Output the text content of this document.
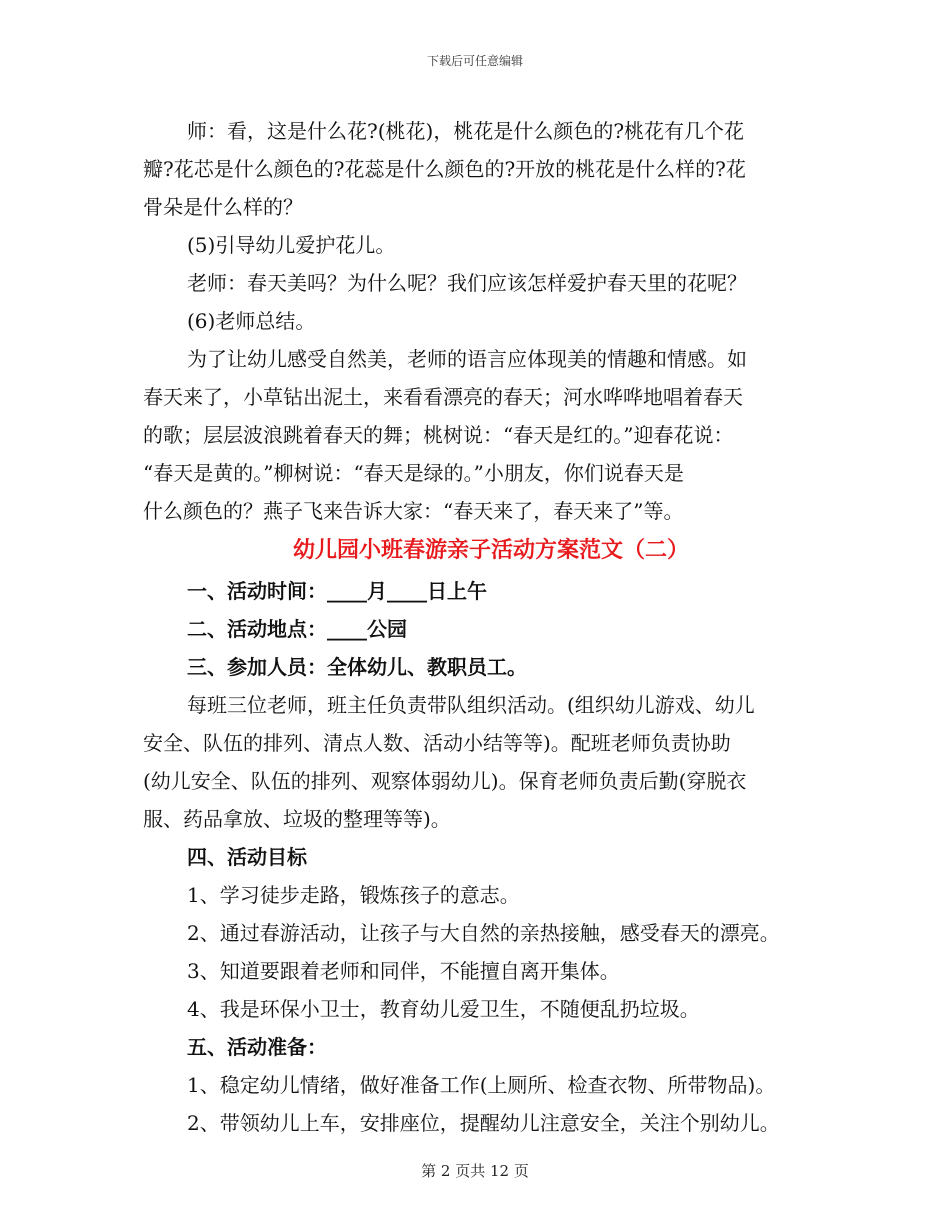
下载后可任意编辑

师：看，这是什么花?(桃花)，桃花是什么颜色的?桃花有几个花

瓣?花芯是什么颜色的?花蕊是什么颜色的?开放的桃花是什么样的?花

骨朵是什么样的？

(5)引导幼儿爱护花儿。

老师：春天美吗？为什么呢？我们应该怎样爱护春天里的花呢？

(6)老师总结。

为了让幼儿感受自然美，老师的语言应体现美的情趣和情感。如

春天来了，小草钻出泥土，来看看漂亮的春天；河水哗哗地唱着春天

的歌；层层波浪跳着春天的舞；桃树说：“春天是红的。”迎春花说：

“春天是黄的。”柳树说：“春天是绿的。”小朋友，你们说春天是

什么颜色的？燕子飞来告诉大家：“春天来了，春天来了”等。

幼儿园小班春游亲子活动方案范文（二）

一、活动时间：____月____日上午

二、活动地点：____公园

三、参加人员：全体幼儿、教职员工。

每班三位老师，班主任负责带队组织活动。(组织幼儿游戏、幼儿

安全、队伍的排列、清点人数、活动小结等等)。配班老师负责协助

(幼儿安全、队伍的排列、观察体弱幼儿)。保育老师负责后勤(穿脱衣

服、药品拿放、垃圾的整理等等)。

四、活动目标

1、学习徒步走路，锻炼孩子的意志。

2、通过春游活动，让孩子与大自然的亲热接触，感受春天的漂亮。

3、知道要跟着老师和同伴，不能擅自离开集体。

4、我是环保小卫士，教育幼儿爱卫生，不随便乱扔垃圾。

五、活动准备：

1、稳定幼儿情绪，做好准备工作(上厕所、检查衣物、所带物品)。

2、带领幼儿上车，安排座位，提醒幼儿注意安全，关注个别幼儿。

第 2 页共 12 页
